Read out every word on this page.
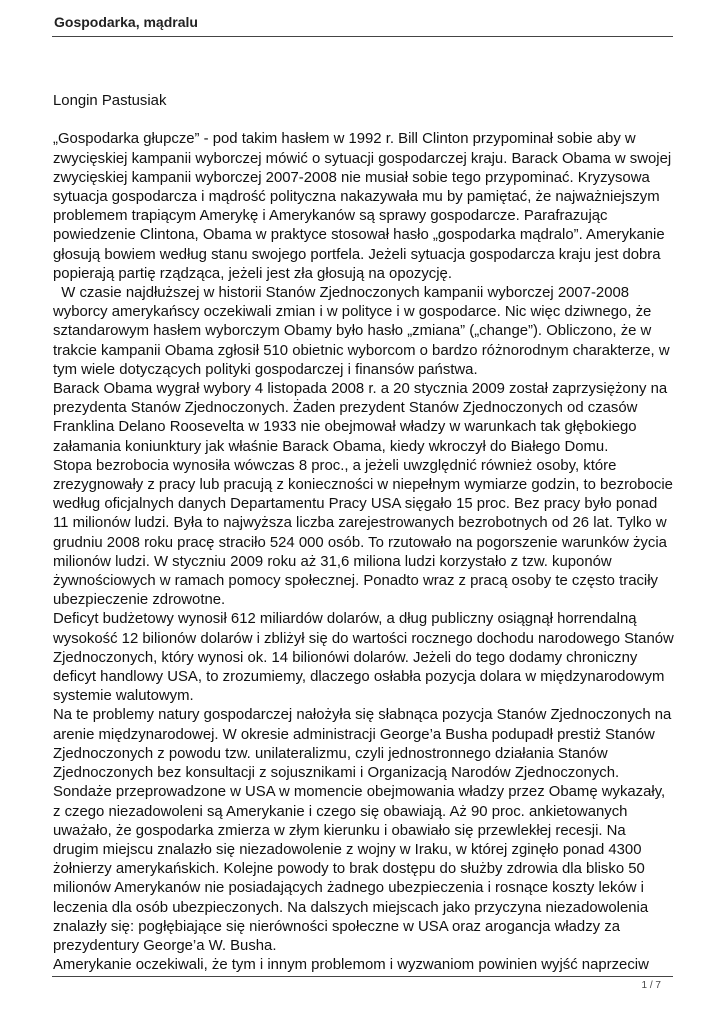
Gospodarka, mądralu

Longin Pastusiak

„Gospodarka głupcze” - pod takim hasłem w 1992 r. Bill Clinton przypominał sobie aby w zwycięskiej kampanii wyborczej mówić o sytuacji gospodarczej kraju. Barack Obama w swojej zwycięskiej kampanii wyborczej 2007-2008 nie musiał sobie tego przypominać. Kryzysowa sytuacja gospodarcza i mądrość polityczna nakazywała mu by pamiętać, że najważniejszym problemem trapiącym Amerykę i Amerykanów są sprawy gospodarcze. Parafrazując powiedzenie Clintona, Obama w praktyce stosował hasło „gospodarka mądralo”. Amerykanie głosują bowiem według stanu swojego portfela. Jeżeli sytuacja gospodarcza kraju jest dobra popierają partię rządząca, jeżeli jest zła głosują na opozycję.

W czasie najdłuższej w historii Stanów Zjednoczonych kampanii wyborczej 2007-2008 wyborcy amerykańscy oczekiwali zmian i w polityce i w gospodarce. Nic więc dziwnego, że sztandarowym hasłem wyborczym Obamy było hasło „zmiana” („change”). Obliczono, że w trakcie kampanii Obama zgłosił 510 obietnic wyborcom o bardzo różnorodnym charakterze, w tym wiele dotyczących polityki gospodarczej i finansów państwa.

Barack Obama wygrał wybory 4 listopada 2008 r. a 20 stycznia 2009 został zaprzysiężony na prezydenta Stanów Zjednoczonych. Żaden prezydent Stanów Zjednoczonych od czasów Franklina Delano Roosevelta w 1933 nie obejmował władzy w warunkach tak głębokiego załamania koniunktury jak właśnie Barack Obama, kiedy wkroczył do Białego Domu.

Stopa bezrobocia wynosiła wówczas 8 proc., a jeżeli uwzględnić również osoby, które zrezygnowały z pracy lub pracują z konieczności w niepełnym wymiarze godzin, to bezrobocie według oficjalnych danych Departamentu Pracy USA sięgało 15 proc. Bez pracy było ponad 11 milionów ludzi. Była to najwyższa liczba zarejestrowanych bezrobotnych od 26 lat. Tylko w grudniu 2008 roku pracę straciło 524 000 osób. To rzutowało na pogorszenie warunków życia milionów ludzi. W styczniu 2009 roku aż 31,6 miliona ludzi korzystało z tzw. kuponów żywnościowych w ramach pomocy społecznej. Ponadto wraz z pracą osoby te często traciły ubezpieczenie zdrowotne.

Deficyt budżetowy wynosił 612 miliardów dolarów, a dług publiczny osiągnął horrendalną wysokość 12 bilionów dolarów i zbliżył się do wartości rocznego dochodu narodowego Stanów Zjednoczonych, który wynosi ok. 14 bilionówi dolarów. Jeżeli do tego dodamy chroniczny deficyt handlowy USA, to zrozumiemy, dlaczego osłabła pozycja dolara w międzynarodowym systemie walutowym.

Na te problemy natury gospodarczej nałożyła się słabnąca pozycja Stanów Zjednoczonych na arenie międzynarodowej. W okresie administracji George’a Busha podupadł prestiż Stanów Zjednoczonych z powodu tzw. unilateralizmu, czyli jednostronnego działania Stanów Zjednoczonych bez konsultacji z sojusznikami i Organizacją Narodów Zjednoczonych.

Sondaże przeprowadzone w USA w momencie obejmowania władzy przez Obamę wykazały, z czego niezadowoleni są Amerykanie i czego się obawiają. Aż 90 proc. ankietowanych uważało, że gospodarka zmierza w złym kierunku i obawiało się przewlekłej recesji. Na drugim miejscu znalazło się niezadowolenie z wojny w Iraku, w której zginęło ponad 4300 żołnierzy amerykańskich. Kolejne powody to brak dostępu do służby zdrowia dla blisko 50 milionów Amerykanów nie posiadających żadnego ubezpieczenia i rosnące koszty leków i leczenia dla osób ubezpieczonych. Na dalszych miejscach jako przyczyna niezadowolenia znalazły się: pogłębiające się nierówności społeczne w USA oraz arogancja władzy za prezydentury George’a W. Busha.

Amerykanie oczekiwali, że tym i innym problemom i wyzwaniom powinien wyjść naprzeciw

1 / 7
